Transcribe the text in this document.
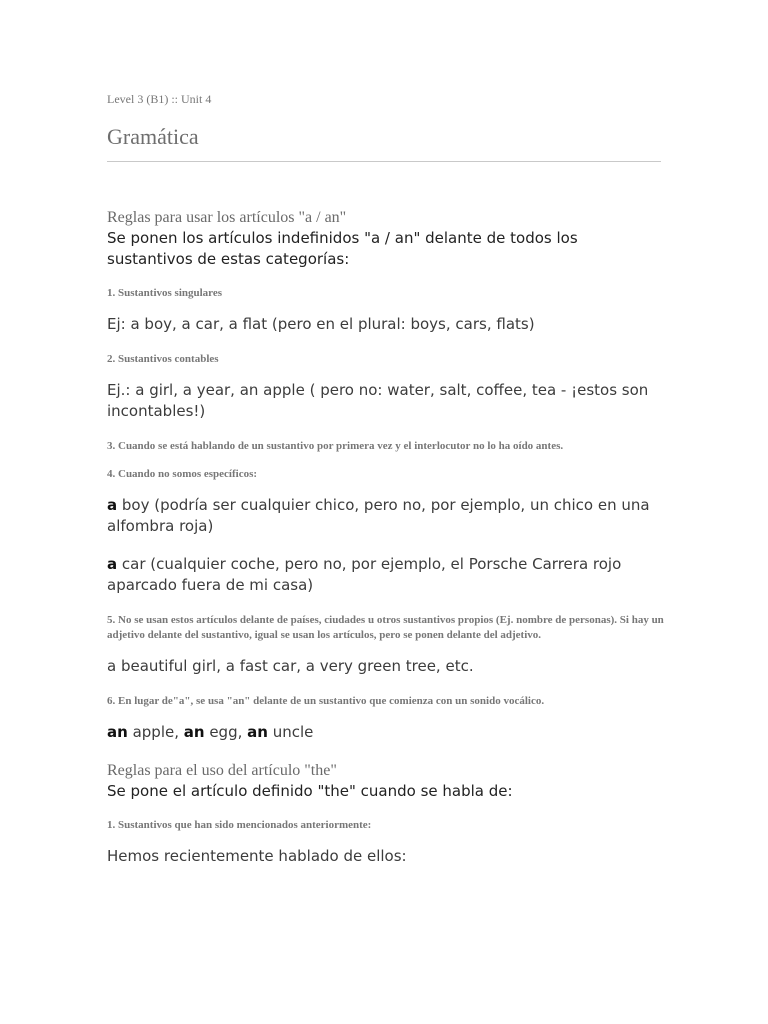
Level 3 (B1) :: Unit 4
Gramática
Reglas para usar los artículos "a / an"
Se ponen los artículos indefinidos "a / an" delante de todos los sustantivos de estas categorías:
1. Sustantivos singulares
Ej: a boy, a car, a flat (pero en el plural: boys, cars, flats)
2. Sustantivos contables
Ej.: a girl, a year, an apple ( pero no: water, salt, coffee, tea - ¡estos son incontables!)
3. Cuando se está hablando de un sustantivo por primera vez y el interlocutor no lo ha oído antes.
4. Cuando no somos específicos:
a boy (podría ser cualquier chico, pero no, por ejemplo, un chico en una alfombra roja)
a car (cualquier coche, pero no, por ejemplo, el Porsche Carrera rojo aparcado fuera de mi casa)
5. No se usan estos artículos delante de países, ciudades u otros sustantivos propios (Ej. nombre de personas). Si hay un adjetivo delante del sustantivo, igual se usan los artículos, pero se ponen delante del adjetivo.
a beautiful girl, a fast car, a very green tree, etc.
6. En lugar de"a", se usa "an" delante de un sustantivo que comienza con un sonido vocálico.
an apple, an egg, an uncle
Reglas para el uso del artículo "the"
Se pone el artículo definido "the" cuando se habla de:
1. Sustantivos que han sido mencionados anteriormente:
Hemos recientemente hablado de ellos:
